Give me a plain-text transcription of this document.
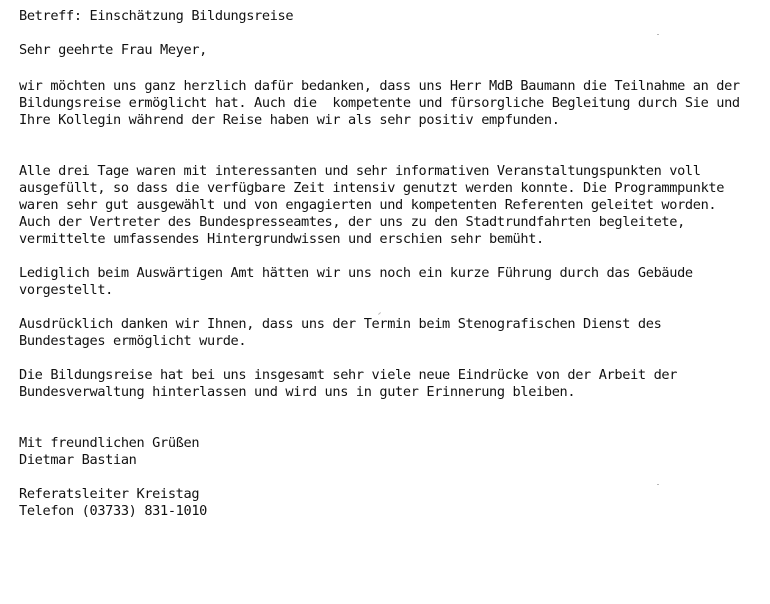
Betreff: Einschätzung Bildungsreise

Sehr geehrte Frau Meyer,

wir möchten uns ganz herzlich dafür bedanken, dass uns Herr MdB Baumann die Teilnahme an der

Bildungsreise ermöglicht hat. Auch die  kompetente und fürsorgliche Begleitung durch Sie und

Ihre Kollegin während der Reise haben wir als sehr positiv empfunden.

Alle drei Tage waren mit interessanten und sehr informativen Veranstaltungspunkten voll

ausgefüllt, so dass die verfügbare Zeit intensiv genutzt werden konnte. Die Programmpunkte

waren sehr gut ausgewählt und von engagierten und kompetenten Referenten geleitet worden.

Auch der Vertreter des Bundespresseamtes, der uns zu den Stadtrundfahrten begleitete,

vermittelte umfassendes Hintergrundwissen und erschien sehr bemüht.

Lediglich beim Auswärtigen Amt hätten wir uns noch ein kurze Führung durch das Gebäude

vorgestellt.

Ausdrücklich danken wir Ihnen, dass uns der Termin beim Stenografischen Dienst des

Bundestages ermöglicht wurde.

Die Bildungsreise hat bei uns insgesamt sehr viele neue Eindrücke von der Arbeit der

Bundesverwaltung hinterlassen und wird uns in guter Erinnerung bleiben.

Mit freundlichen Grüßen

Dietmar Bastian

Referatsleiter Kreistag

Telefon (03733) 831-1010
